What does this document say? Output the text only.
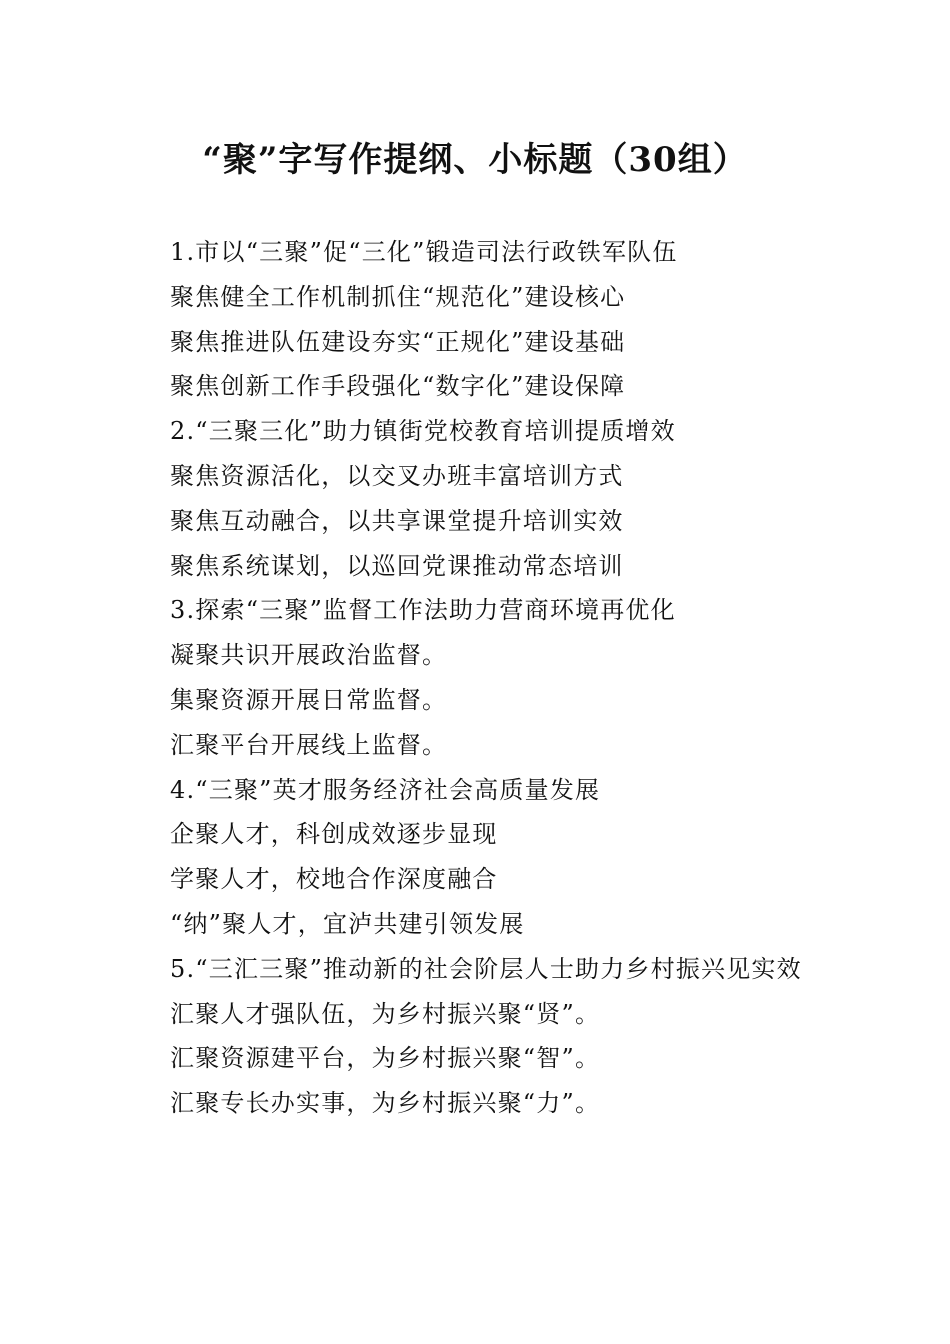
“聚”字写作提纲、小标题（30组）

1.市以“三聚”促“三化”锻造司法行政铁军队伍

聚焦健全工作机制抓住“规范化”建设核心

聚焦推进队伍建设夯实“正规化”建设基础

聚焦创新工作手段强化“数字化”建设保障

2.“三聚三化”助力镇街党校教育培训提质增效

聚焦资源活化，以交叉办班丰富培训方式

聚焦互动融合，以共享课堂提升培训实效

聚焦系统谋划，以巡回党课推动常态培训

3.探索“三聚”监督工作法助力营商环境再优化

凝聚共识开展政治监督。

集聚资源开展日常监督。

汇聚平台开展线上监督。

4.“三聚”英才服务经济社会高质量发展

企聚人才，科创成效逐步显现

学聚人才，校地合作深度融合

“纳”聚人才，宜泸共建引领发展

5.“三汇三聚”推动新的社会阶层人士助力乡村振兴见实效

汇聚人才强队伍，为乡村振兴聚“贤”。

汇聚资源建平台，为乡村振兴聚“智”。

汇聚专长办实事，为乡村振兴聚“力”。
